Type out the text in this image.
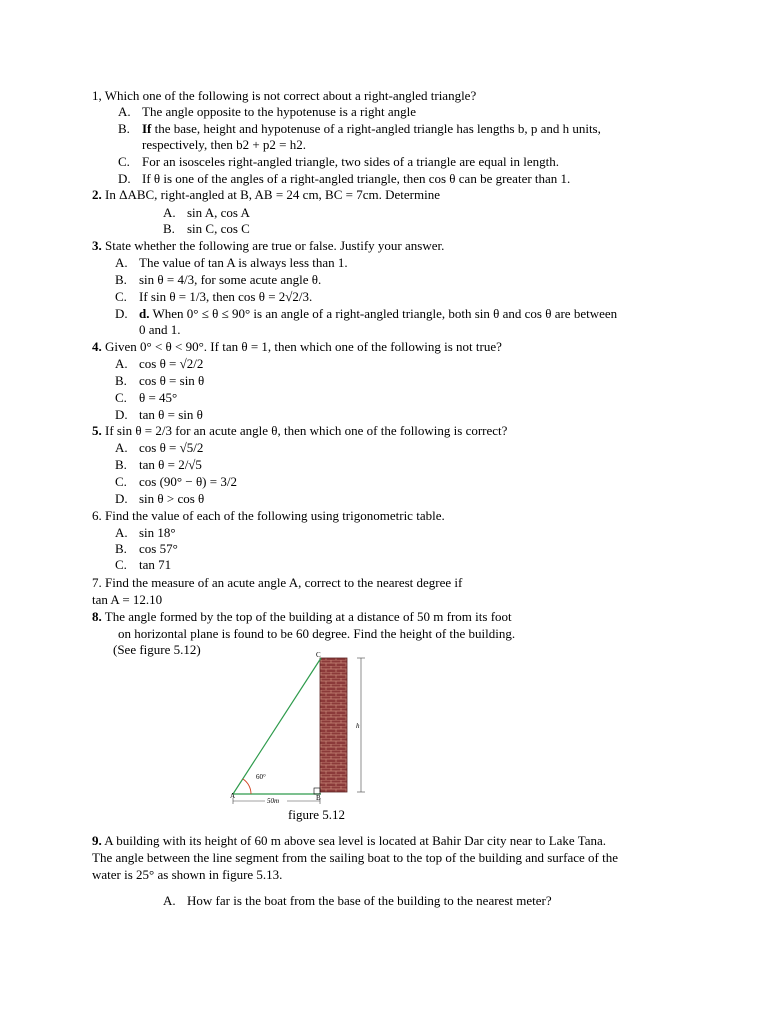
1, Which one of the following is not correct about a right-angled triangle?
A. The angle opposite to the hypotenuse is a right angle
B. If the base, height and hypotenuse of a right-angled triangle has lengths b, p and h units,
respectively, then b2 + p2 = h2.
C. For an isosceles right-angled triangle, two sides of a triangle are equal in length.
D. If θ is one of the angles of a right-angled triangle, then cos θ can be greater than 1.
2. In ΔABC, right-angled at B, AB = 24 cm, BC = 7cm. Determine
A. sin A, cos A
B. sin C, cos C
3. State whether the following are true or false. Justify your answer.
A. The value of tan A is always less than 1.
B. sin θ = 4/3, for some acute angle θ.
C. If sin θ = 1/3, then cos θ = 2√2/3.
D. d. When 0° ≤ θ ≤ 90° is an angle of a right-angled triangle, both sin θ and cos θ are between
0 and 1.
4. Given 0° < θ < 90°. If tan θ = 1, then which one of the following is not true?
A. cos θ = √2/2
B. cos θ = sin θ
C. θ = 45°
D. tan θ = sin θ
5. If sin θ = 2/3 for an acute angle θ, then which one of the following is correct?
A. cos θ = √5/2
B. tan θ = 2/√5
C. cos (90° − θ) = 3/2
D. sin θ > cos θ
6. Find the value of each of the following using trigonometric table.
A. sin 18°
B. cos 57°
C. tan 71
7. Find the measure of an acute angle A, correct to the nearest degree if
tan A = 12.10
8. The angle formed by the top of the building at a distance of 50 m from its foot
on horizontal plane is found to be 60 degree. Find the height of the building.
(See figure 5.12)	C
A	B
h
60°
50m
figure 5.12
9. A building with its height of 60 m above sea level is located at Bahir Dar city near to Lake Tana.
The angle between the line segment from the sailing boat to the top of the building and surface of the
water is 25° as shown in figure 5.13.
A. How far is the boat from the base of the building to the nearest meter?
